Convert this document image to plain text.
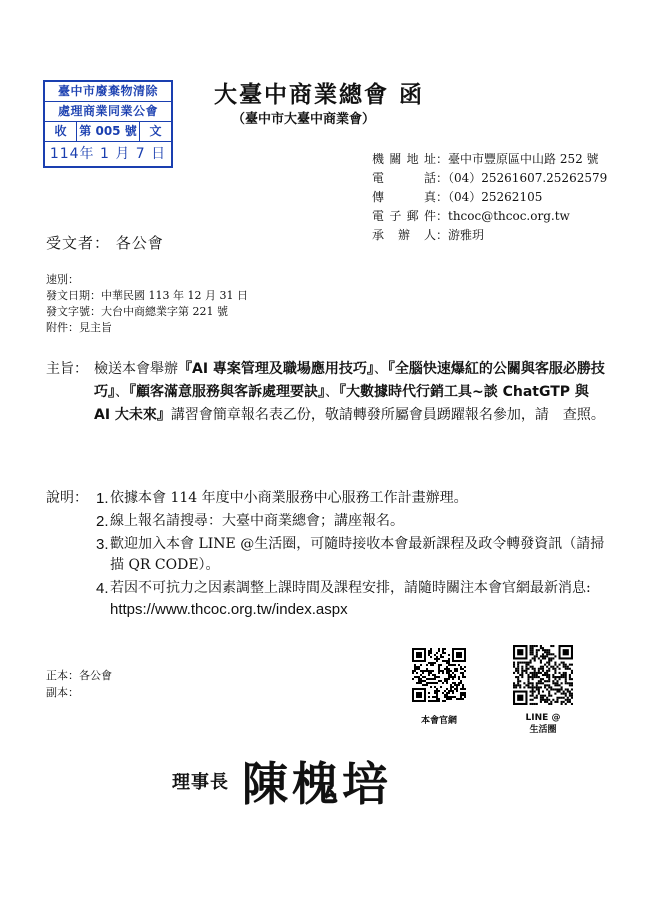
臺中市廢棄物清除
處理商業同業公會
收	第 005 號	文
114年 1 月 7 日
大臺中商業總會 函
（臺中市大臺中商業會）
機關地址：臺中市豐原區中山路 252 號
電話：（04）25261607.25262579
傳真：（04）25262105
電子郵件：thcoc@thcoc.org.tw
承辦人：游雅玥
受文者： 各公會
速別：
發文日期：中華民國 113 年 12 月 31 日
發文字號：大台中商總業字第 221 號
附件：見主旨
主旨： 檢送本會舉辦『AI 專案管理及職場應用技巧』、『全腦快速爆紅的公關與客服必勝技巧』、『顧客滿意服務與客訴處理要訣』、『大數據時代行銷工具~談 ChatGTP 與 AI 大未來』講習會簡章報名表乙份，敬請轉發所屬會員踴躍報名參加，請　查照。
說明： 1. 依據本會 114 年度中小商業服務中心服務工作計畫辦理。
2. 線上報名請搜尋：大臺中商業總會；講座報名。
3. 歡迎加入本會 LINE @生活圈，可隨時接收本會最新課程及政令轉發資訊（請掃描 QR CODE）。
4. 若因不可抗力之因素調整上課時間及課程安排，請隨時關注本會官網最新消息: https://www.thcoc.org.tw/index.aspx
正本：各公會
副本：
本會官網	LINE @
生活圈
理事長 陳槐培
